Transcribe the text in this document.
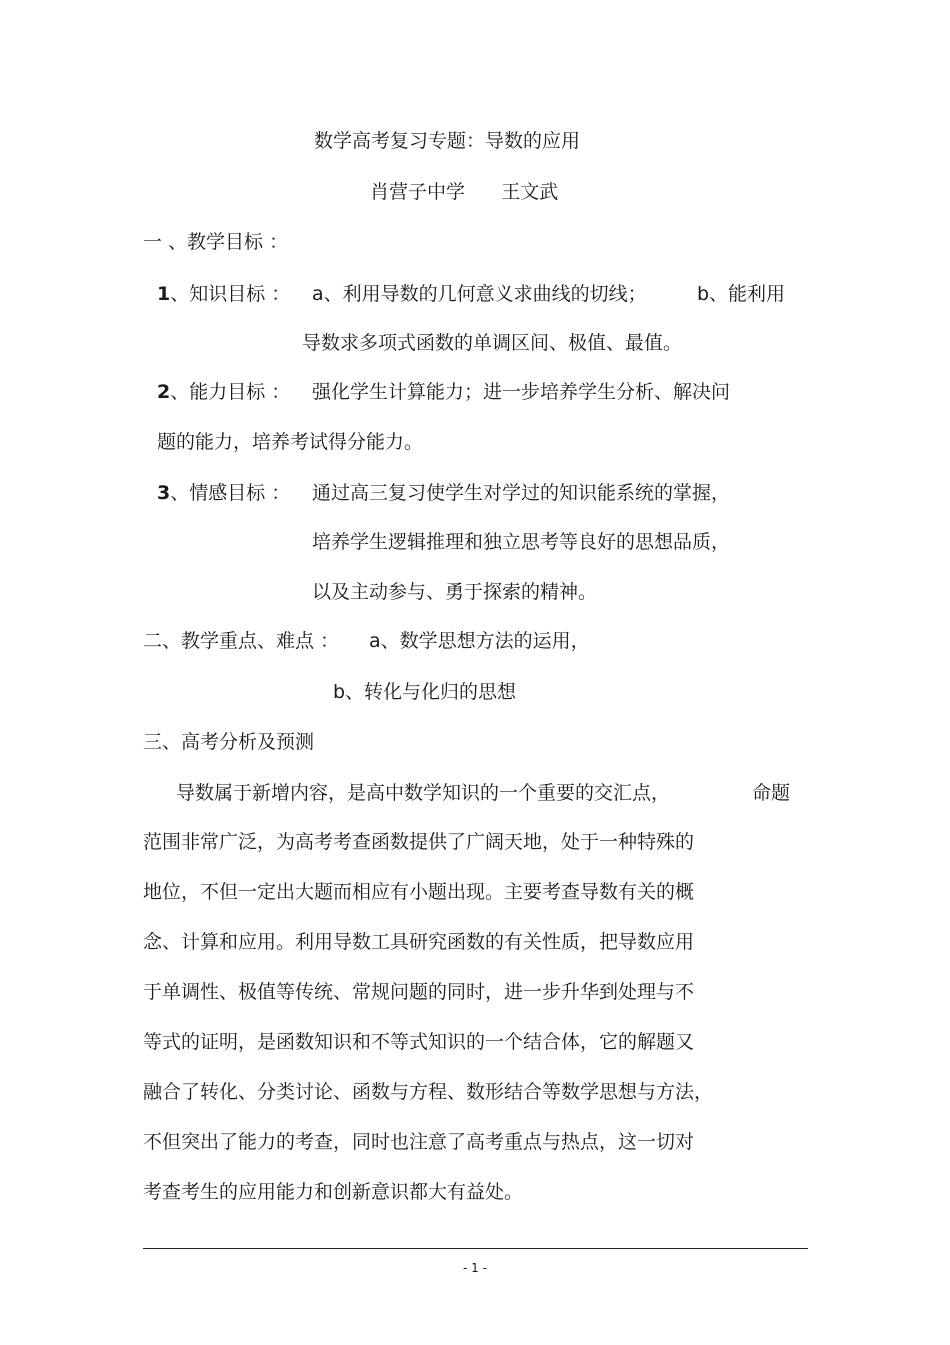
数学高考复习专题：导数的应用
肖营子中学      王文武
一 、教学目标 ：
1、知识目标 ： a、利用导数的几何意义求曲线的切线；	b、能利用
导数求多项式函数的单调区间、极值、最值。
2、能力目标 ： 强化学生计算能力；进一步培养学生分析、解决问
题的能力，培养考试得分能力。
3、情感目标 ： 通过高三复习使学生对学过的知识能系统的掌握，
培养学生逻辑推理和独立思考等良好的思想品质，
以及主动参与、勇于探索的精神。
二、教学重点、难点 ： a、数学思想方法的运用，
b、转化与化归的思想
三、高考分析及预测
导数属于新增内容，是高中数学知识的一个重要的交汇点，	命题
范围非常广泛，为高考考查函数提供了广阔天地，处于一种特殊的
地位，不但一定出大题而相应有小题出现。主要考查导数有关的概
念、计算和应用。利用导数工具研究函数的有关性质，把导数应用
于单调性、极值等传统、常规问题的同时，进一步升华到处理与不
等式的证明，是函数知识和不等式知识的一个结合体，它的解题又
融合了转化、分类讨论、函数与方程、数形结合等数学思想与方法，
不但突出了能力的考查，同时也注意了高考重点与热点，这一切对
考查考生的应用能力和创新意识都大有益处。
- 1 -
